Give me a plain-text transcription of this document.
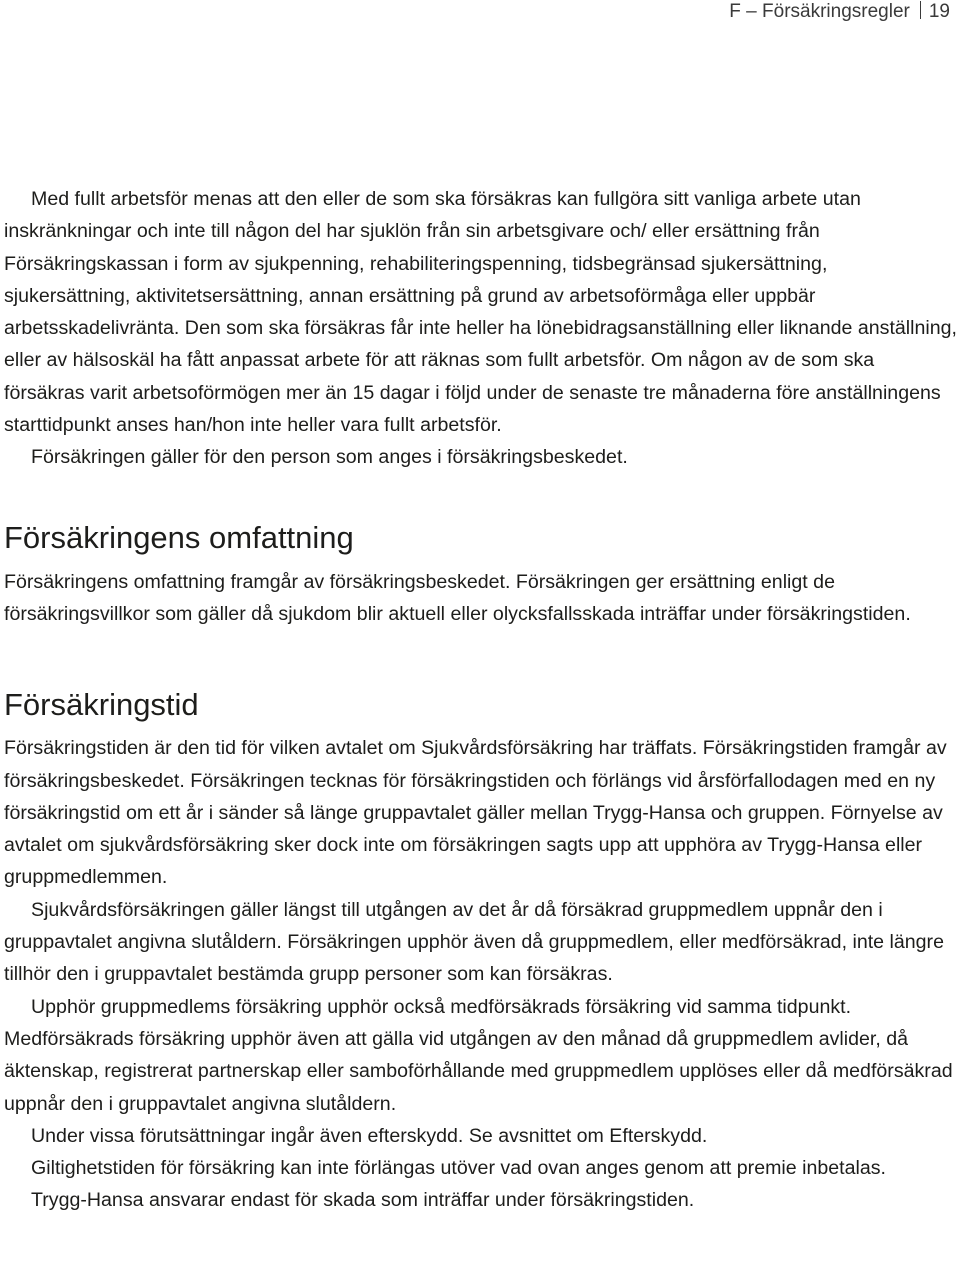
F – Försäkringsregler 19

Med fullt arbetsför menas att den eller de som ska försäkras kan fullgöra sitt vanliga arbete utan inskränkningar och inte till någon del har sjuklön från sin arbetsgivare och/ eller ersättning från Försäkringskassan i form av sjukpenning, rehabiliteringspenning, tidsbegränsad sjukersättning, sjukersättning, aktivitetsersättning, annan ersättning på grund av arbetsoförmåga eller uppbär arbetsskadelivränta. Den som ska försäkras får inte heller ha lönebidragsanställning eller liknande anställning, eller av hälsoskäl ha fått anpassat arbete för att räknas som fullt arbetsför. Om någon av de som ska försäkras varit arbetsoförmögen mer än 15 dagar i följd under de senaste tre månaderna före anställningens starttidpunkt anses han/hon inte heller vara fullt arbetsför.

Försäkringen gäller för den person som anges i försäkringsbeskedet.

Försäkringens omfattning

Försäkringens omfattning framgår av försäkringsbeskedet. Försäkringen ger ersättning enligt de försäkringsvillkor som gäller då sjukdom blir aktuell eller olycksfallsskada inträffar under försäkringstiden.

Försäkringstid

Försäkringstiden är den tid för vilken avtalet om Sjukvårdsförsäkring har träffats. Försäkringstiden framgår av försäkringsbeskedet. Försäkringen tecknas för försäkringstiden och förlängs vid årsförfallodagen med en ny försäkringstid om ett år i sänder så länge gruppavtalet gäller mellan Trygg-Hansa och gruppen. Förnyelse av avtalet om sjukvårdsförsäkring sker dock inte om försäkringen sagts upp att upphöra av Trygg-Hansa eller gruppmedlemmen.

Sjukvårdsförsäkringen gäller längst till utgången av det år då försäkrad gruppmedlem uppnår den i gruppavtalet angivna slutåldern. Försäkringen upphör även då gruppmedlem, eller medförsäkrad, inte längre tillhör den i gruppavtalet bestämda grupp personer som kan försäkras.

Upphör gruppmedlems försäkring upphör också medförsäkrads försäkring vid samma tidpunkt. Medförsäkrads försäkring upphör även att gälla vid utgången av den månad då gruppmedlem avlider, då äktenskap, registrerat partnerskap eller samboförhållande med gruppmedlem upplöses eller då medförsäkrad uppnår den i gruppavtalet angivna slutåldern.

Under vissa förutsättningar ingår även efterskydd. Se avsnittet om Efterskydd.

Giltighetstiden för försäkring kan inte förlängas utöver vad ovan anges genom att premie inbetalas.

Trygg-Hansa ansvarar endast för skada som inträffar under försäkringstiden.
